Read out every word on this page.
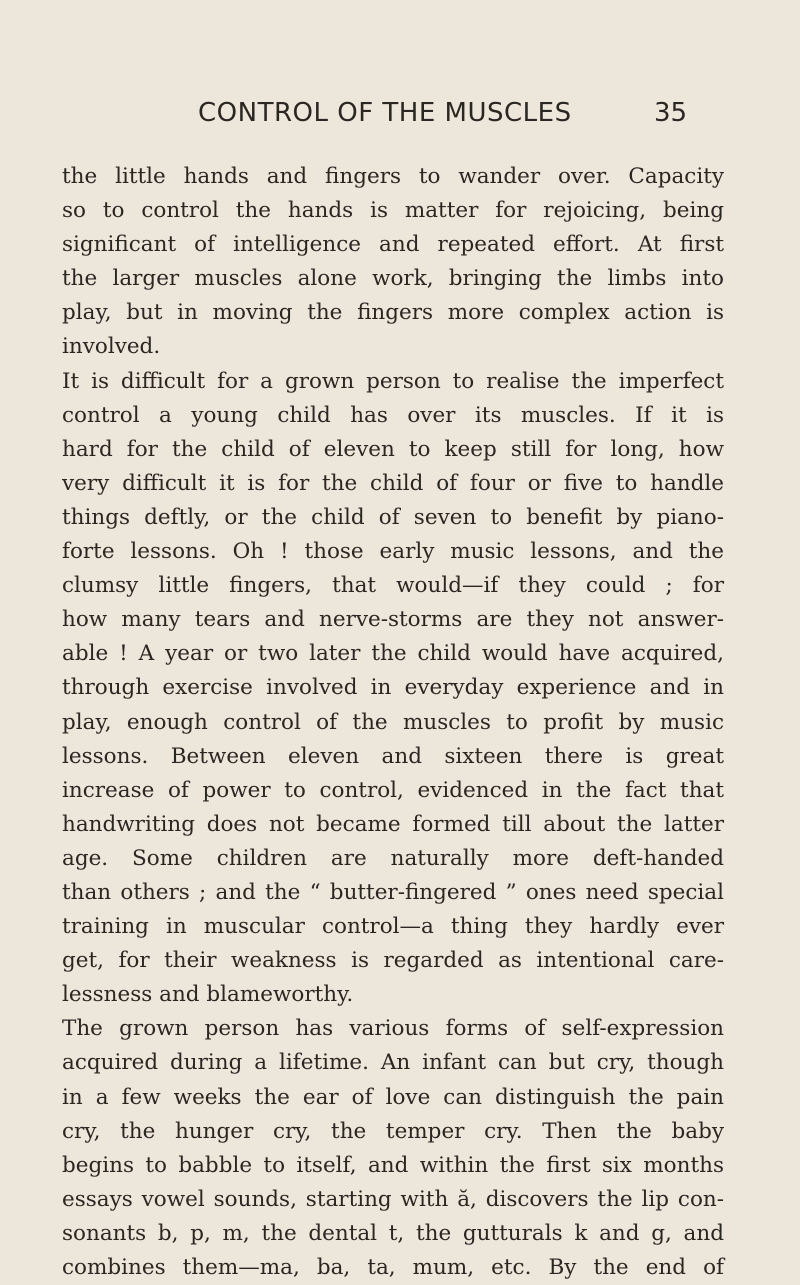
CONTROL OF THE MUSCLES	35
the little hands and fingers to wander over. Capacity
so to control the hands is matter for rejoicing, being
significant of intelligence and repeated effort. At first
the larger muscles alone work, bringing the limbs into
play, but in moving the fingers more complex action is
involved.
It is difficult for a grown person to realise the imperfect
control a young child has over its muscles. If it is
hard for the child of eleven to keep still for long, how
very difficult it is for the child of four or five to handle
things deftly, or the child of seven to benefit by piano-
forte lessons. Oh ! those early music lessons, and the
clumsy little fingers, that would—if they could ; for
how many tears and nerve-storms are they not answer-
able ! A year or two later the child would have acquired,
through exercise involved in everyday experience and in
play, enough control of the muscles to profit by music
lessons. Between eleven and sixteen there is great
increase of power to control, evidenced in the fact that
handwriting does not became formed till about the latter
age. Some children are naturally more deft-handed
than others ; and the “ butter-fingered ” ones need special
training in muscular control—a thing they hardly ever
get, for their weakness is regarded as intentional care-
lessness and blameworthy.
The grown person has various forms of self-expression
acquired during a lifetime. An infant can but cry, though
in a few weeks the ear of love can distinguish the pain
cry, the hunger cry, the temper cry. Then the baby
begins to babble to itself, and within the first six months
essays vowel sounds, starting with ă, discovers the lip con-
sonants b, p, m, the dental t, the gutturals k and g, and
combines them—ma, ba, ta, mum, etc. By the end of
